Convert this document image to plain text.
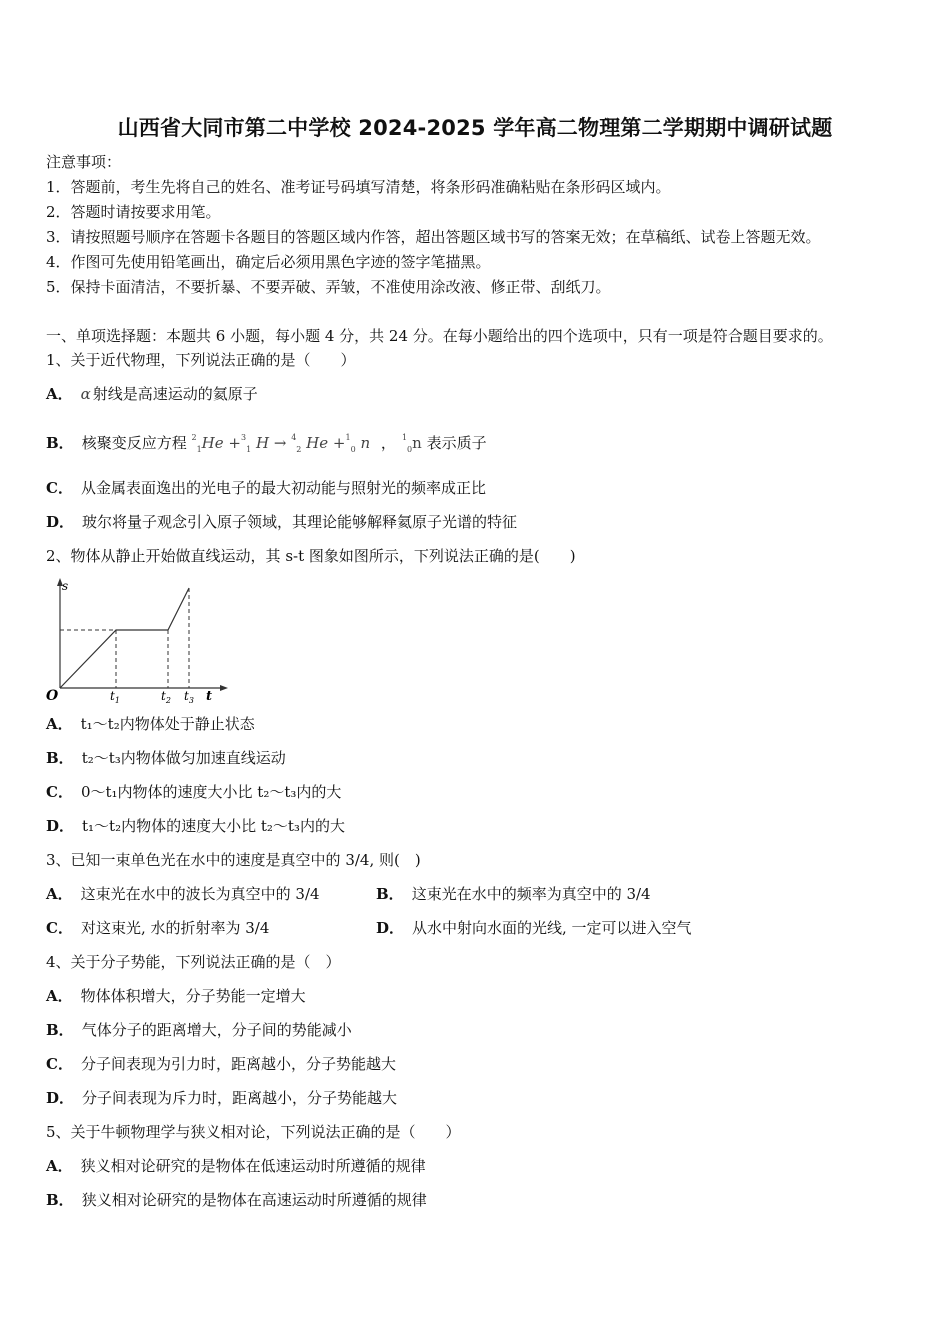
山西省大同市第二中学校 2024-2025 学年高二物理第二学期期中调研试题
注意事项：
1．答题前，考生先将自己的姓名、准考证号码填写清楚，将条形码准确粘贴在条形码区域内。
2．答题时请按要求用笔。
3．请按照题号顺序在答题卡各题目的答题区域内作答，超出答题区域书写的答案无效；在草稿纸、试卷上答题无效。
4．作图可先使用铅笔画出，确定后必须用黑色字迹的签字笔描黑。
5．保持卡面清洁，不要折暴、不要弄破、弄皱，不准使用涂改液、修正带、刮纸刀。
一、单项选择题：本题共 6 小题，每小题 4 分，共 24 分。在每小题给出的四个选项中，只有一项是符合题目要求的。
1、关于近代物理，下列说法正确的是（　　）
A． α 射线是高速运动的氦原子
B． 核聚变反应方程 $^2_1$He +$^3_1$ H → $^4_2$ He +$^1_0$ n ， $^1_0$n 表示质子
C． 从金属表面逸出的光电子的最大初动能与照射光的频率成正比
D． 玻尔将量子观念引入原子领域，其理论能够解释氦原子光谱的特征
2、物体从静止开始做直线运动，其 s-t 图象如图所示，下列说法正确的是(　　)
s
O	$t_1$	$t_2$ $t_3$ t
A． t₁～t₂内物体处于静止状态
B． t₂～t₃内物体做匀加速直线运动
C． 0～t₁内物体的速度大小比 t₂～t₃内的大
D． t₁～t₂内物体的速度大小比 t₂～t₃内的大
3、已知一束单色光在水中的速度是真空中的 3/4, 则(　)
A． 这束光在水中的波长为真空中的 3/4	B． 这束光在水中的频率为真空中的 3/4
C． 对这束光, 水的折射率为 3/4	D． 从水中射向水面的光线, 一定可以进入空气
4、关于分子势能，下列说法正确的是（　）
A． 物体体积增大，分子势能一定增大
B． 气体分子的距离增大，分子间的势能减小
C． 分子间表现为引力时，距离越小，分子势能越大
D． 分子间表现为斥力时，距离越小，分子势能越大
5、关于牛顿物理学与狭义相对论，下列说法正确的是（　　）
A． 狭义相对论研究的是物体在低速运动时所遵循的规律
B． 狭义相对论研究的是物体在高速运动时所遵循的规律
